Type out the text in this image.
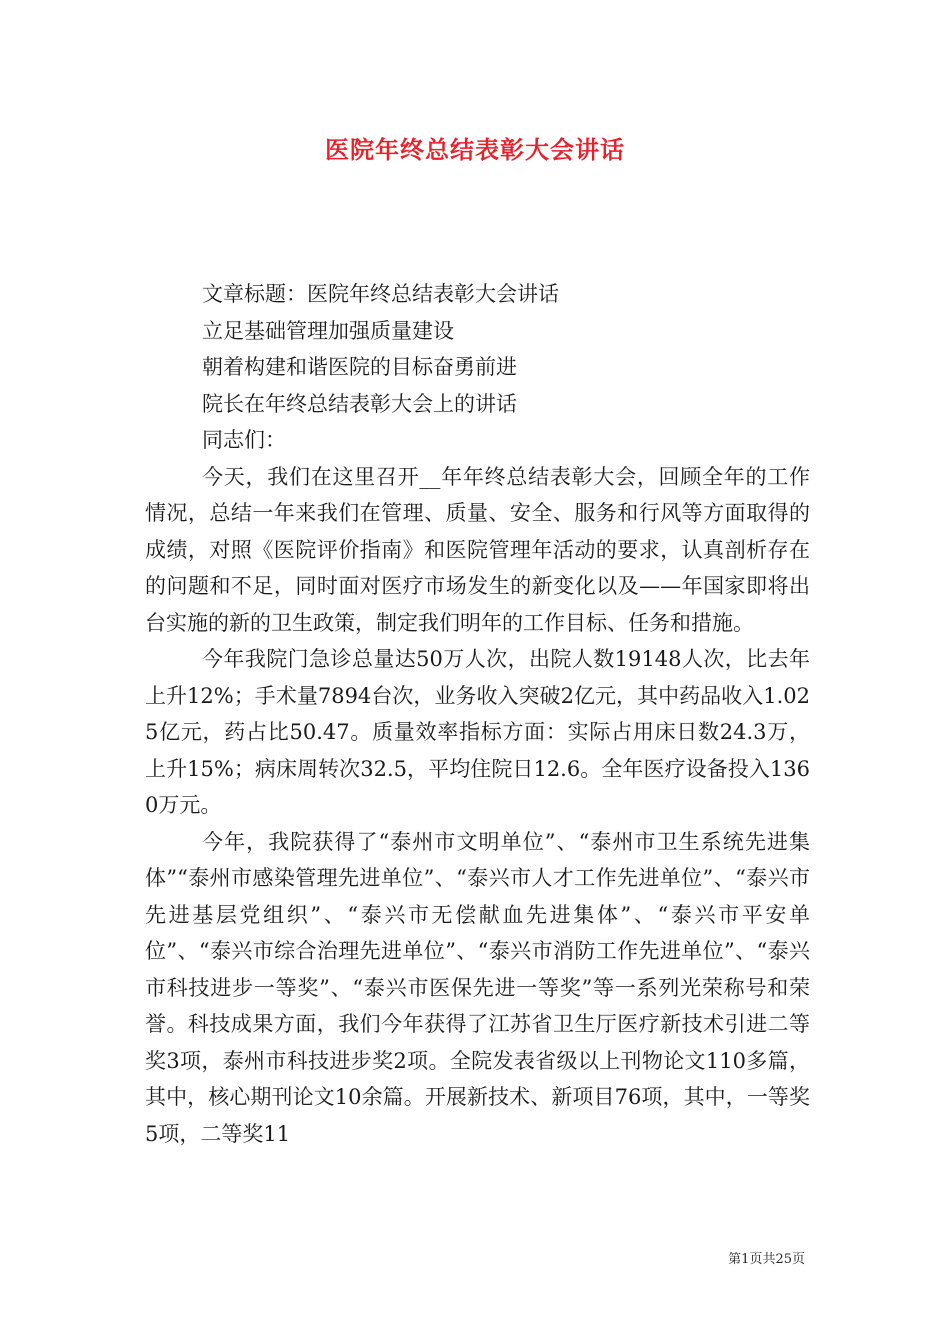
医院年终总结表彰大会讲话

文章标题：医院年终总结表彰大会讲话

立足基础管理加强质量建设

朝着构建和谐医院的目标奋勇前进

院长在年终总结表彰大会上的讲话

同志们：

今天，我们在这里召开__年年终总结表彰大会，回顾全年的工作情况，总结一年来我们在管理、质量、安全、服务和行风等方面取得的成绩，对照《医院评价指南》和医院管理年活动的要求，认真剖析存在的问题和不足，同时面对医疗市场发生的新变化以及——年国家即将出台实施的新的卫生政策，制定我们明年的工作目标、任务和措施。

今年我院门急诊总量达50万人次，出院人数19148人次，比去年上升12%；手术量7894台次，业务收入突破2亿元，其中药品收入1.025亿元，药占比50.47。质量效率指标方面：实际占用床日数24.3万，上升15%；病床周转次32.5，平均住院日12.6。全年医疗设备投入1360万元。

今年，我院获得了“泰州市文明单位”、“泰州市卫生系统先进集体”“泰州市感染管理先进单位”、“泰兴市人才工作先进单位”、“泰兴市先进基层党组织”、“泰兴市无偿献血先进集体”、“泰兴市平安单位”、“泰兴市综合治理先进单位”、“泰兴市消防工作先进单位”、“泰兴市科技进步一等奖”、“泰兴市医保先进一等奖”等一系列光荣称号和荣誉。科技成果方面，我们今年获得了江苏省卫生厅医疗新技术引进二等奖3项，泰州市科技进步奖2项。全院发表省级以上刊物论文110多篇，其中，核心期刊论文10余篇。开展新技术、新项目76项，其中，一等奖5项，二等奖11

第1页共25页
